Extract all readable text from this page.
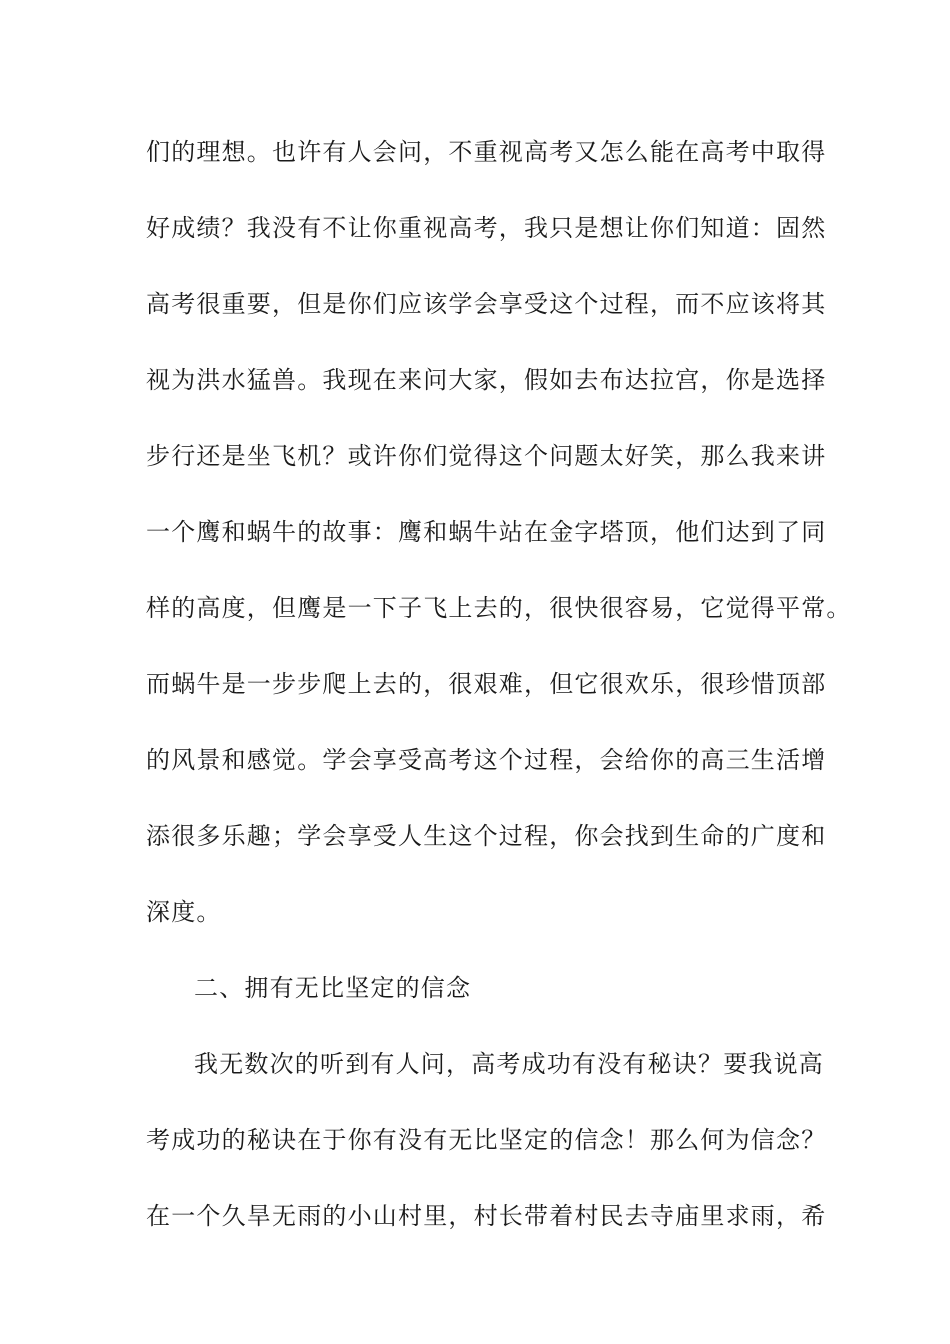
们的理想。也许有人会问，不重视高考又怎么能在高考中取得
好成绩？我没有不让你重视高考，我只是想让你们知道：固然
高考很重要，但是你们应该学会享受这个过程，而不应该将其
视为洪水猛兽。我现在来问大家，假如去布达拉宫，你是选择
步行还是坐飞机？或许你们觉得这个问题太好笑，那么我来讲
一个鹰和蜗牛的故事：鹰和蜗牛站在金字塔顶，他们达到了同
样的高度，但鹰是一下子飞上去的，很快很容易，它觉得平常。
而蜗牛是一步步爬上去的，很艰难，但它很欢乐，很珍惜顶部
的风景和感觉。学会享受高考这个过程，会给你的高三生活增
添很多乐趣；学会享受人生这个过程，你会找到生命的广度和
深度。
二、拥有无比坚定的信念
我无数次的听到有人问，高考成功有没有秘诀？要我说高
考成功的秘诀在于你有没有无比坚定的信念！那么何为信念？
在一个久旱无雨的小山村里，村长带着村民去寺庙里求雨，希
